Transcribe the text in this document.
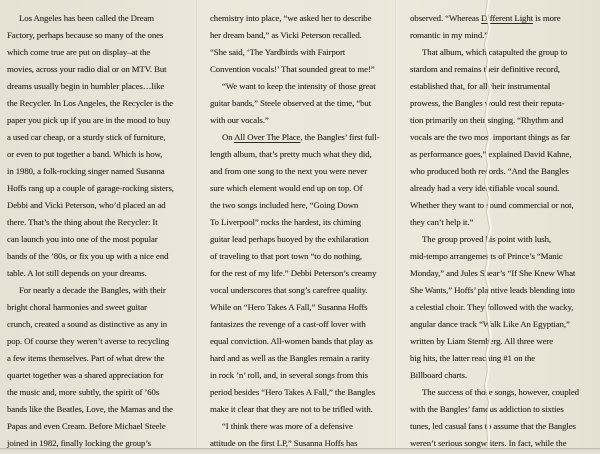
Los Angeles has been called the Dream
Factory, perhaps because so many of the ones
which come true are put on display–at the
movies, across your radio dial or on MTV. But
dreams usually begin in humbler places…like
the Recycler. In Los Angeles, the Recycler is the
paper you pick up if you are in the mood to buy
a used car cheap, or a sturdy stick of furniture,
or even to put together a band. Which is how,
in 1980, a folk-rocking singer named Susanna
Hoffs rang up a couple of garage-rocking sisters,
Debbi and Vicki Peterson, who’d placed an ad
there. That’s the thing about the Recycler: It
can launch you into one of the most popular
bands of the ’80s, or fix you up with a nice end
table. A lot still depends on your dreams.
For nearly a decade the Bangles, with their
bright choral harmonies and sweet guitar
crunch, created a sound as distinctive as any in
pop. Of course they weren’t averse to recycling
a few items themselves. Part of what drew the
quartet together was a shared appreciation for
the music and, more subtly, the spirit of ’60s
bands like the Beatles, Love, the Mamas and the
Papas and even Cream. Before Michael Steele
joined in 1982, finally locking the group’s
chemistry into place, “we asked her to describe
her dream band,” as Vicki Peterson recalled.
“She said, ‘The Yardbirds with Fairport
Convention vocals!’ That sounded great to me!”
“We want to keep the intensity of those great
guitar bands,” Steele observed at the time, “but
with our vocals.”
On All Over The Place, the Bangles’ first full-
length album, that’s pretty much what they did,
and from one song to the next you were never
sure which element would end up on top. Of
the two songs included here, “Going Down
To Liverpool” rocks the hardest, its chiming
guitar lead perhaps buoyed by the exhilaration
of traveling to that port town “to do nothing,
for the rest of my life.” Debbi Peterson’s creamy
vocal underscores that song’s carefree quality.
While on “Hero Takes A Fall,” Susanna Hoffs
fantasizes the revenge of a cast-off lover with
equal conviction. All-women bands that play as
hard and as well as the Bangles remain a rarity
in rock ’n’ roll, and, in several songs from this
period besides “Hero Takes A Fall,” the Bangles
make it clear that they are not to be trifled with.
“I think there was more of a defensive
attitude on the first LP,” Susanna Hoffs has
observed. “Whereas Different Light is more
romantic in my mind.”
That album, which catapulted the group to
stardom and remains their definitive record,
established that, for all their instrumental
prowess, the Bangles would rest their reputa-
tion primarily on their singing. “Rhythm and
vocals are the two most important things as far
as performance goes,” explained David Kahne,
who produced both records. “And the Bangles
already had a very identifiable vocal sound.
Whether they want to sound commercial or not,
they can’t help it.”
The group proved his point with lush,
mid-tempo arrangements of Prince’s “Manic
Monday,” and Jules Shear’s “If She Knew What
She Wants,” Hoffs’ plaintive leads blending into
a celestial choir. They followed with the wacky,
angular dance track “Walk Like An Egyptian,”
written by Liam Sternberg. All three were
big hits, the latter reaching #1 on the
Billboard charts.
The success of those songs, however, coupled
with the Bangles’ famous addiction to sixties
tunes, led casual fans to assume that the Bangles
weren’t serious songwriters. In fact, while the
